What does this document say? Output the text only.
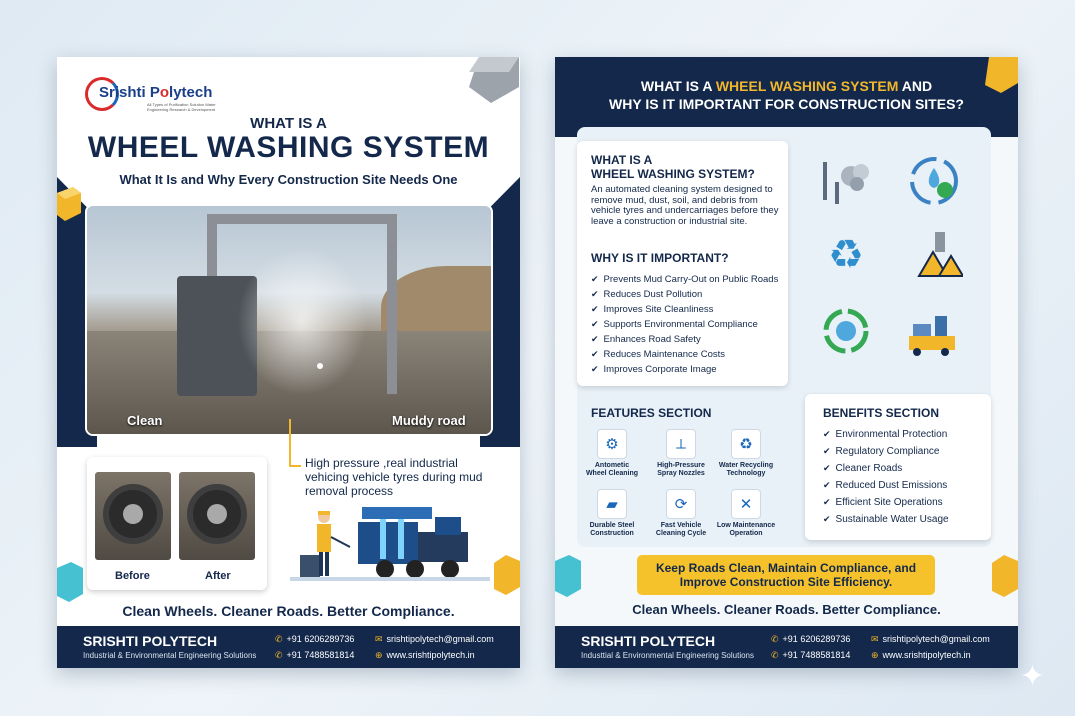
Srishti Polytech
All Types of Purification Solution Water Engineering Research & Development
WHAT IS A
WHEEL WASHING SYSTEM
What It Is and Why Every Construction Site Needs One
Clean	Muddy road
High pressure ,real industrial vehicing vehicle tyres during mud removal process
Before	After
Clean Wheels. Cleaner Roads. Better Compliance.
SRISHTI POLYTECH
Industrial & Environmental Engineering Solutions
✆ +91 6206289736
✆ +91 7488581814
✉ srishtipolytech@gmail.com
⊕ www.srishtipolytech.in
WHAT IS A WHEEL WASHING SYSTEM AND
WHY IS IT IMPORTANT FOR CONSTRUCTION SITES?
WHAT IS A
WHEEL WASHING SYSTEM?
An automated cleaning system designed to remove mud, dust, soil, and debris from vehicle tyres and undercarriages before they leave a construction or industrial site.
WHY IS IT IMPORTANT?
✔ Prevents Mud Carry-Out on Public Roads
✔ Reduces Dust Pollution
✔ Improves Site Cleanliness
✔ Supports Environmental Compliance
✔ Enhances Road Safety
✔ Reduces Maintenance Costs
✔ Improves Corporate Image
♻
FEATURES SECTION
⚙
Antometic
Wheel Cleaning
⟂
High-Pressure
Spray Nozzles
♻
Water Recycling
Technology
▰
Durable Steel
Construction
⟳
Fast Vehicle
Cleaning Cycle
✕
Low Maintenance
Operation
BENEFITS SECTION
✔ Environmental Protection
✔ Regulatory Compliance
✔ Cleaner Roads
✔ Reduced Dust Emissions
✔ Efficient Site Operations
✔ Sustainable Water Usage
Keep Roads Clean, Maintain Compliance, and
Improve Construction Site Efficiency.
Clean Wheels. Cleaner Roads. Better Compliance.
SRISHTI POLYTECH
Industtial & Environmental Engineering Solutions
✆ +91 6206289736
✆ +91 7488581814
✉ srishtipolytech@gmail.com
⊕ www.srishtipolytech.in
✦
